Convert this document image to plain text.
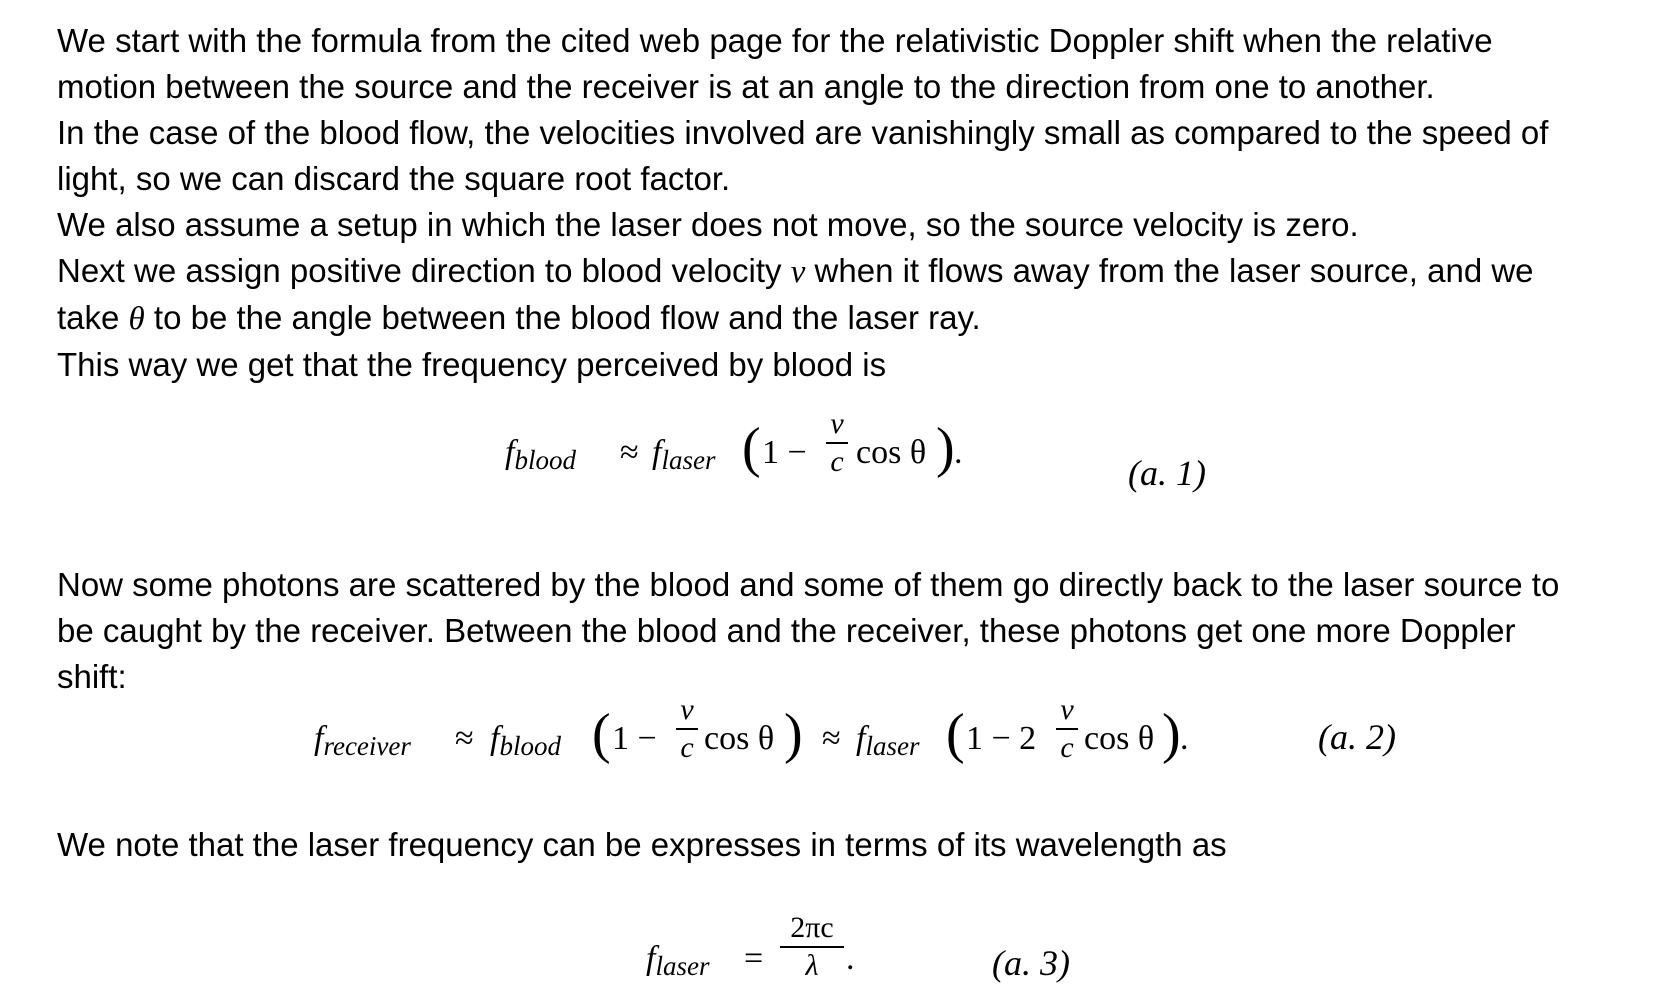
We start with the formula from the cited web page for the relativistic Doppler shift when the relative
motion between the source and the receiver is at an angle to the direction from one to another.
In the case of the blood flow, the velocities involved are vanishingly small as compared to the speed of
light, so we can discard the square root factor.
We also assume a setup in which the laser does not move, so the source velocity is zero.
Next we assign positive direction to blood velocity v when it flows away from the laser source, and we
take θ to be the angle between the blood flow and the laser ray.
This way we get that the frequency perceived by blood is
fblood ≈ flaser ( 1 −
v
c cos θ ) .
(a. 1)
Now some photons are scattered by the blood and some of them go directly back to the laser source to
be caught by the receiver. Between the blood and the receiver, these photons get one more Doppler
shift:
freceiver ≈ fblood ( 1 −
v
c cos θ ) ≈ flaser ( 1 − 2
v
c cos θ ) .	(a. 2)
We note that the laser frequency can be expresses in terms of its wavelength as
flaser =
2πc
λ .	(a. 3)
